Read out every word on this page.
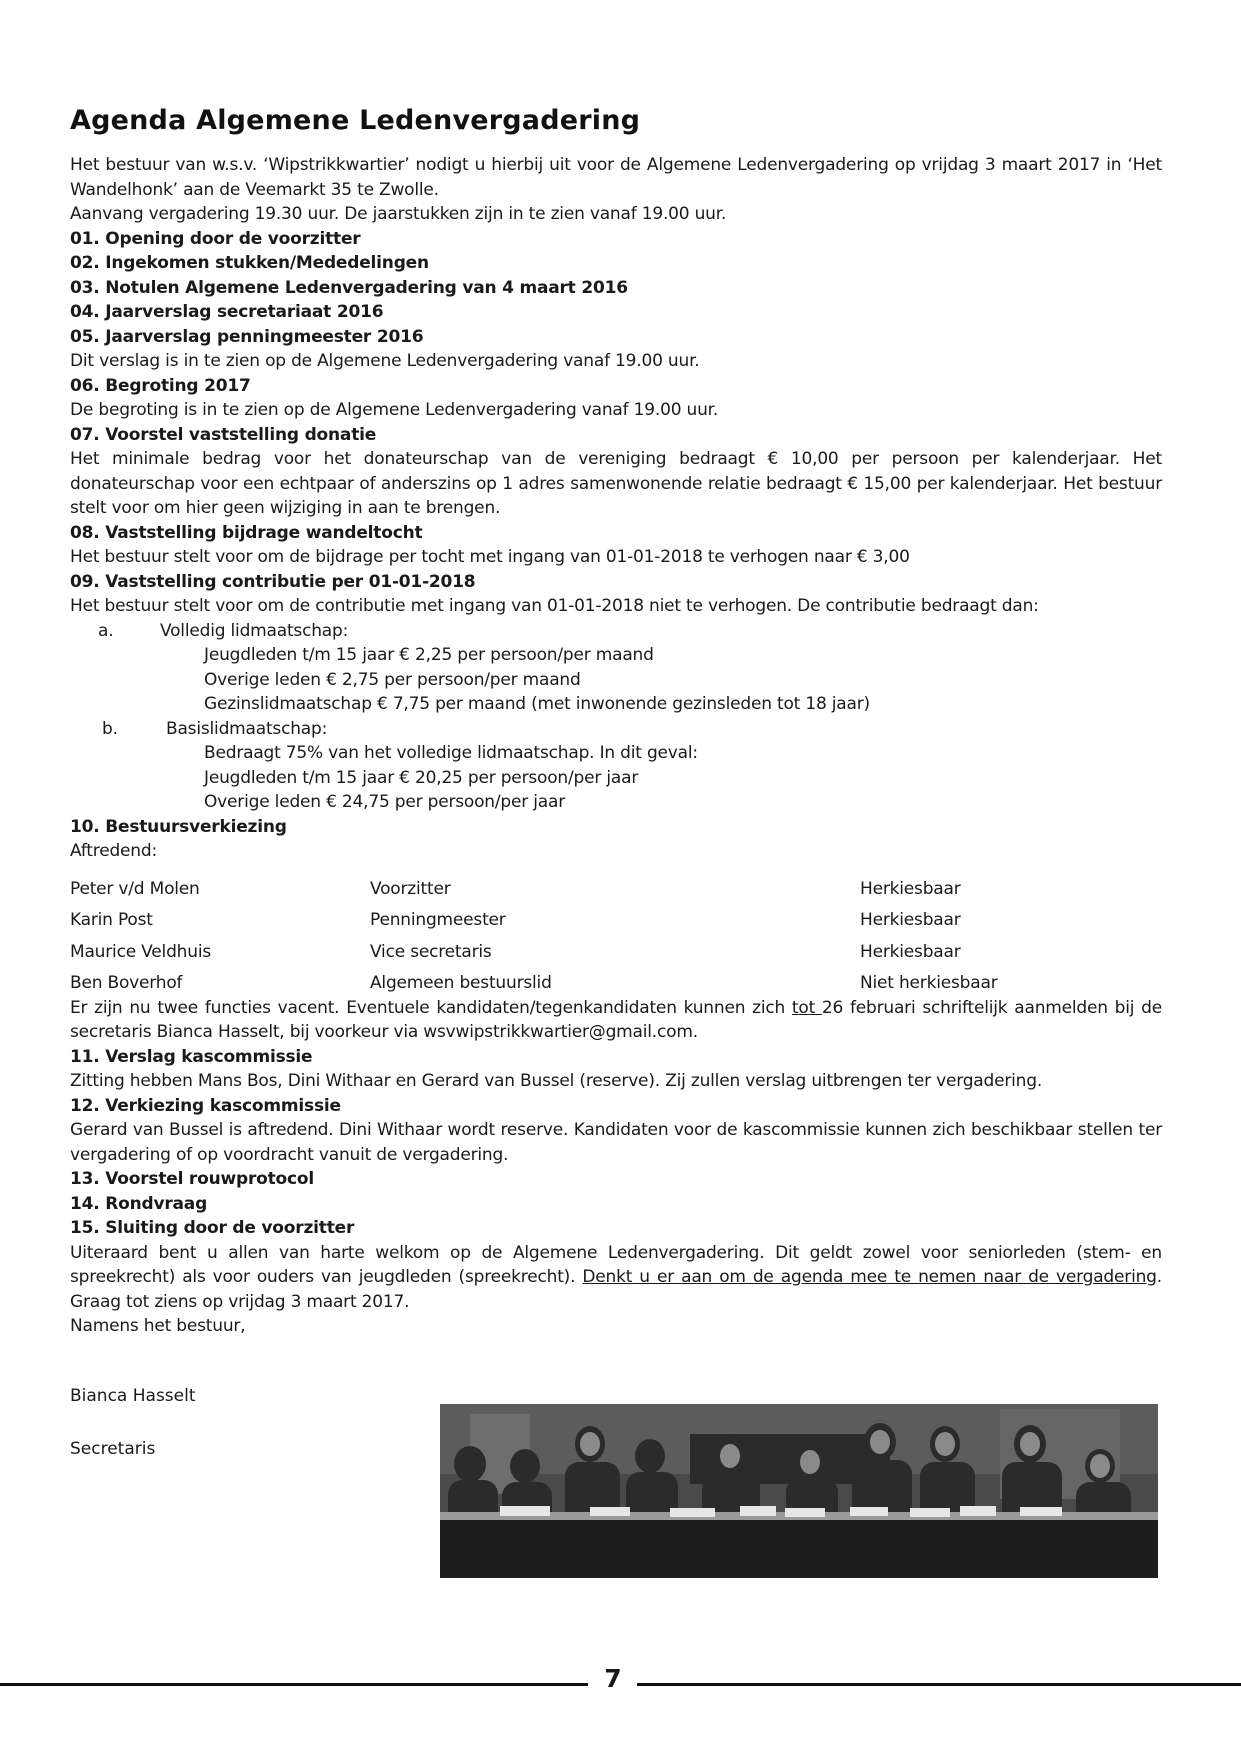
Agenda Algemene Ledenvergadering

Het bestuur van w.s.v. ‘Wipstrikkwartier’ nodigt u hierbij uit voor de Algemene Ledenvergadering op vrijdag 3 maart 2017 in ‘Het Wandelhonk’ aan de Veemarkt 35 te Zwolle.

Aanvang vergadering 19.30 uur. De jaarstukken zijn in te zien vanaf 19.00 uur.

01. Opening door de voorzitter

02. Ingekomen stukken/Mededelingen

03. Notulen Algemene Ledenvergadering van 4 maart 2016

04. Jaarverslag secretariaat 2016

05. Jaarverslag penningmeester 2016

Dit verslag is in te zien op de Algemene Ledenvergadering vanaf 19.00 uur.

06. Begroting 2017

De begroting is in te zien op de Algemene Ledenvergadering vanaf 19.00 uur.

07. Voorstel vaststelling donatie

Het minimale bedrag voor het donateurschap van de vereniging bedraagt € 10,00 per persoon per kalenderjaar. Het donateurschap voor een echtpaar of anderszins op 1 adres samenwonende relatie bedraagt € 15,00 per kalenderjaar. Het bestuur stelt voor om hier geen wijziging in aan te brengen.

08. Vaststelling bijdrage wandeltocht

Het bestuur stelt voor om de bijdrage per tocht met ingang van 01-01-2018 te verhogen naar € 3,00

09. Vaststelling contributie per 01-01-2018

Het bestuur stelt voor om de contributie met ingang van 01-01-2018 niet te verhogen. De contributie bedraagt dan:

a.	Volledig lidmaatschap:

Jeugdleden t/m 15 jaar € 2,25 per persoon/per maand

Overige leden € 2,75 per persoon/per maand

Gezinslidmaatschap € 7,75 per maand (met inwonende gezinsleden tot 18 jaar)

b.	Basislidmaatschap:

Bedraagt 75% van het volledige lidmaatschap. In dit geval:

Jeugdleden t/m 15 jaar € 20,25 per persoon/per jaar

Overige leden € 24,75 per persoon/per jaar

10. Bestuursverkiezing

Aftredend:

Peter v/d Molen	Voorzitter	Herkiesbaar
Karin Post	Penningmeester	Herkiesbaar
Maurice Veldhuis	Vice secretaris	Herkiesbaar
Ben Boverhof	Algemeen bestuurslid	Niet herkiesbaar

Er zijn nu twee functies vacent. Eventuele kandidaten/tegenkandidaten kunnen zich tot 26 februari schriftelijk aanmelden bij de secretaris Bianca Hasselt, bij voorkeur via wsvwipstrikkwartier@gmail.com.

11. Verslag kascommissie

Zitting hebben Mans Bos, Dini Withaar en Gerard van Bussel (reserve). Zij zullen verslag uitbrengen ter vergadering.

12. Verkiezing kascommissie

Gerard van Bussel is aftredend. Dini Withaar wordt reserve. Kandidaten voor de kascommissie kunnen zich beschikbaar stellen ter vergadering of op voordracht vanuit de vergadering.

13. Voorstel rouwprotocol

14. Rondvraag

15. Sluiting door de voorzitter

Uiteraard bent u allen van harte welkom op de Algemene Ledenvergadering. Dit geldt zowel voor seniorleden (stem- en spreekrecht) als voor ouders van jeugdleden (spreekrecht). Denkt u er aan om de agenda mee te nemen naar de vergadering. Graag tot ziens op vrijdag 3 maart 2017.

Namens het bestuur,

Bianca Hasselt

Secretaris

7
